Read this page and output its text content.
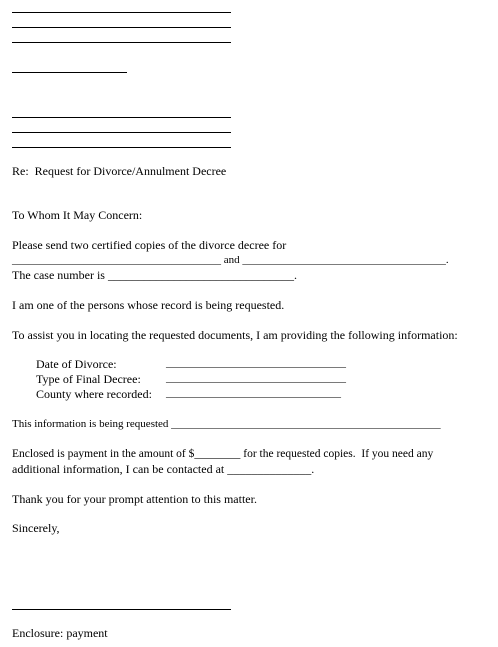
Re:  Request for Divorce/Annulment Decree

To Whom It May Concern:

Please send two certified copies of the divorce decree for

______________________________________ and _____________________________________.

The case number is _______________________________.

I am one of the persons whose record is being requested.

To assist you in locating the requested documents, I am providing the following information:

Date of Divorce:	____________________________________

Type of Final Decree:	____________________________________

County where recorded: ___________________________________

This information is being requested _________________________________________________

Enclosed is payment in the amount of $________ for the requested copies.  If you need any

additional information, I can be contacted at ______________.

Thank you for your prompt attention to this matter.

Sincerely,

Enclosure: payment
